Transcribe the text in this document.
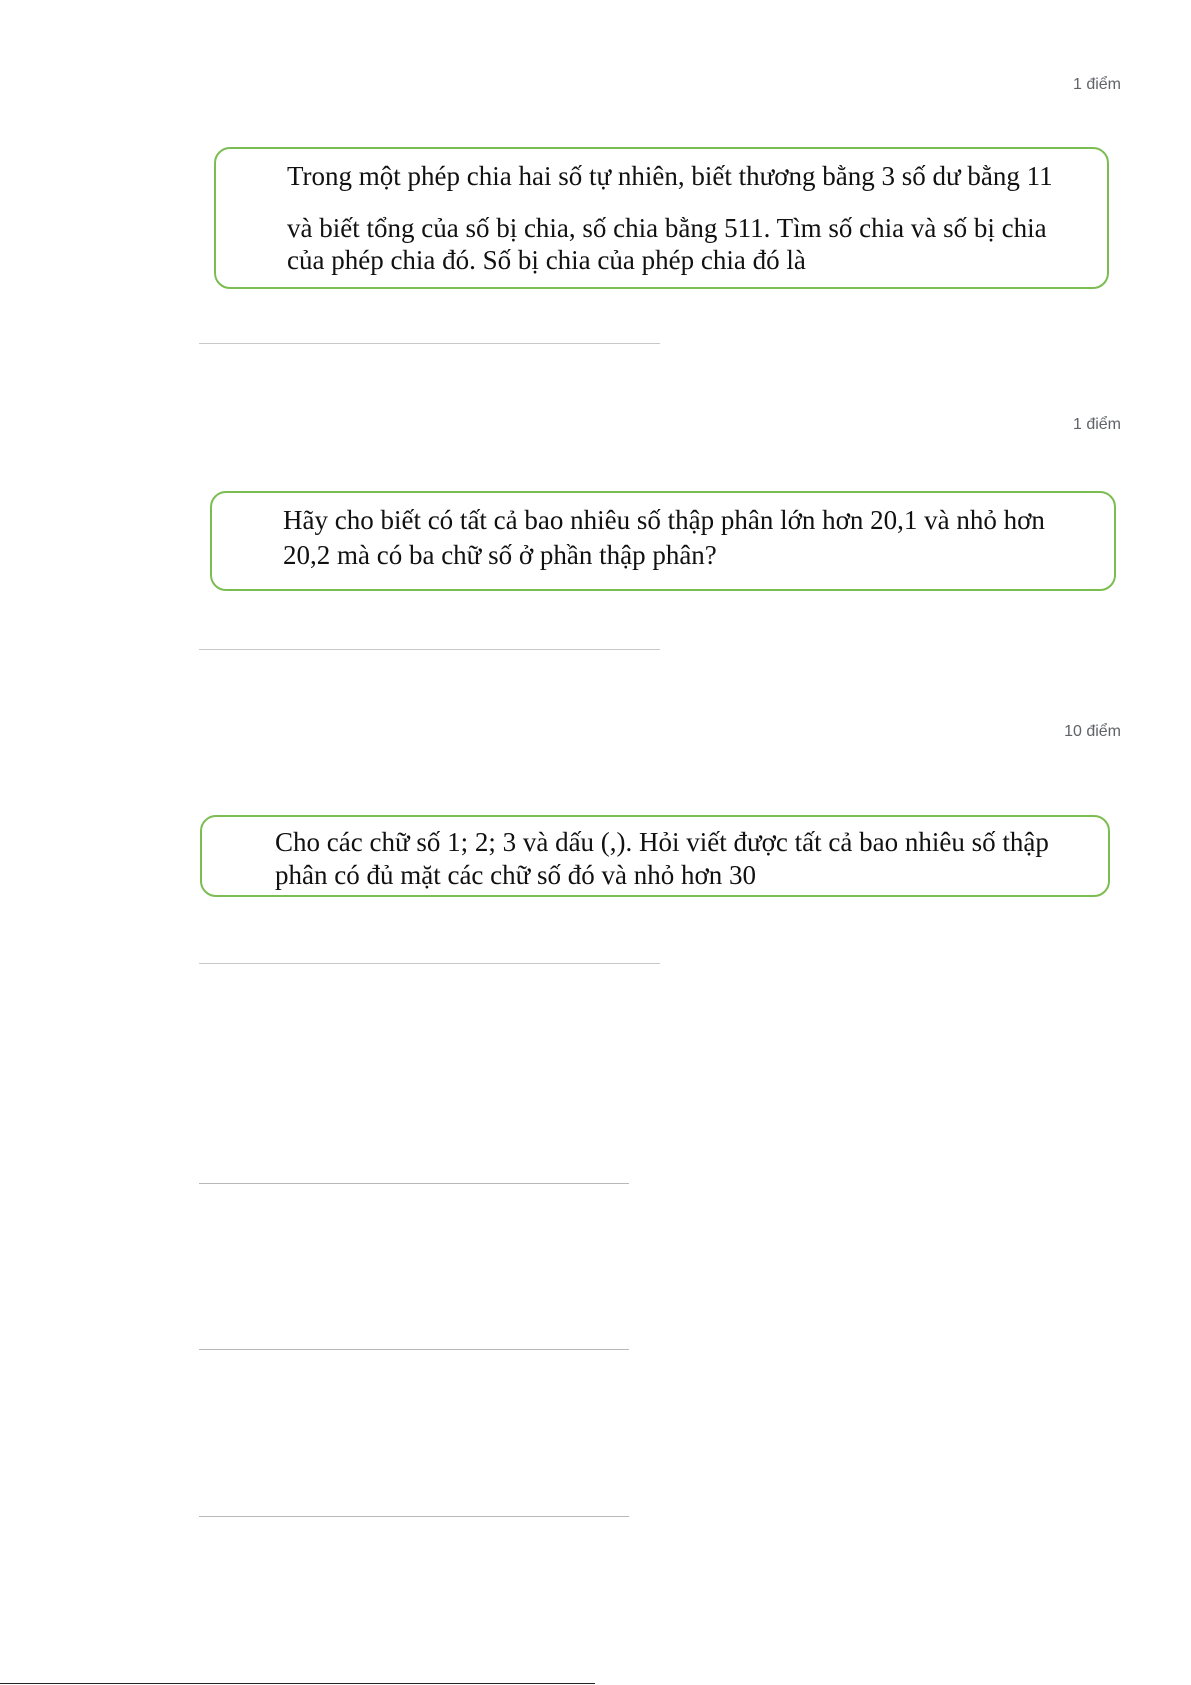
1 điểm

Trong một phép chia hai số tự nhiên, biết thương bằng 3 số dư bằng 11

và biết tổng của số bị chia, số chia bằng 511. Tìm số chia và số bị chia

của phép chia đó. Số bị chia của phép chia đó là

1 điểm

Hãy cho biết có tất cả bao nhiêu số thập phân lớn hơn 20,1 và nhỏ hơn

20,2 mà có ba chữ số ở phần thập phân?

10 điểm

Cho các chữ số 1; 2; 3 và dấu (,). Hỏi viết được tất cả bao nhiêu số thập

phân có đủ mặt các chữ số đó và nhỏ hơn 30
